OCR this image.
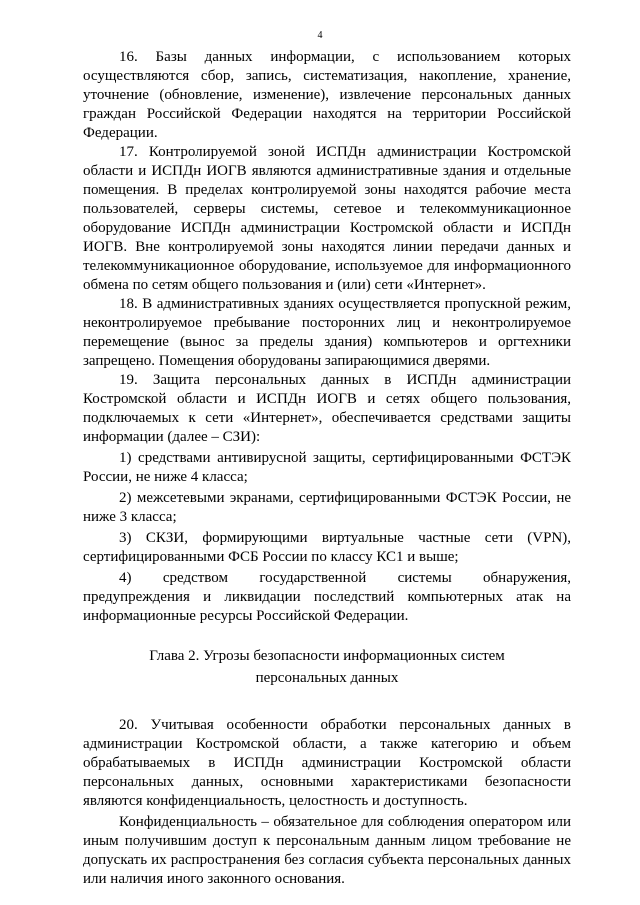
4

16. Базы данных информации, с использованием которых осуществляются сбор, запись, систематизация, накопление, хранение, уточнение (обновление, изменение), извлечение персональных данных граждан Российской Федерации находятся на территории Российской Федерации.

17. Контролируемой зоной ИСПДн администрации Костромской области и ИСПДн ИОГВ являются административные здания и отдельные помещения. В пределах контролируемой зоны находятся рабочие места пользователей, серверы системы, сетевое и телекоммуникационное оборудование ИСПДн администрации Костромской области и ИСПДн ИОГВ. Вне контролируемой зоны находятся линии передачи данных и телекоммуникационное оборудование, используемое для информационного обмена по сетям общего пользования и (или) сети «Интернет».

18. В административных зданиях осуществляется пропускной режим, неконтролируемое пребывание посторонних лиц и неконтролируемое перемещение (вынос за пределы здания) компьютеров и оргтехники запрещено. Помещения оборудованы запирающимися дверями.

19. Защита персональных данных в ИСПДн администрации Костромской области и ИСПДн ИОГВ и сетях общего пользования, подключаемых к сети «Интернет», обеспечивается средствами защиты информации (далее – СЗИ):

1) средствами антивирусной защиты, сертифицированными ФСТЭК России, не ниже 4 класса;

2) межсетевыми экранами, сертифицированными ФСТЭК России, не ниже 3 класса;

3) СКЗИ, формирующими виртуальные частные сети (VPN), сертифицированными ФСБ России по классу КС1 и выше;

4) средством государственной системы обнаружения, предупреждения и ликвидации последствий компьютерных атак на информационные ресурсы Российской Федерации.

Глава 2. Угрозы безопасности информационных систем
персональных данных

20. Учитывая особенности обработки персональных данных в администрации Костромской области, а также категорию и объем обрабатываемых в ИСПДн администрации Костромской области персональных данных, основными характеристиками безопасности являются конфиденциальность, целостность и доступность.

Конфиденциальность – обязательное для соблюдения оператором или иным получившим доступ к персональным данным лицом требование не допускать их распространения без согласия субъекта персональных данных или наличия иного законного основания.
